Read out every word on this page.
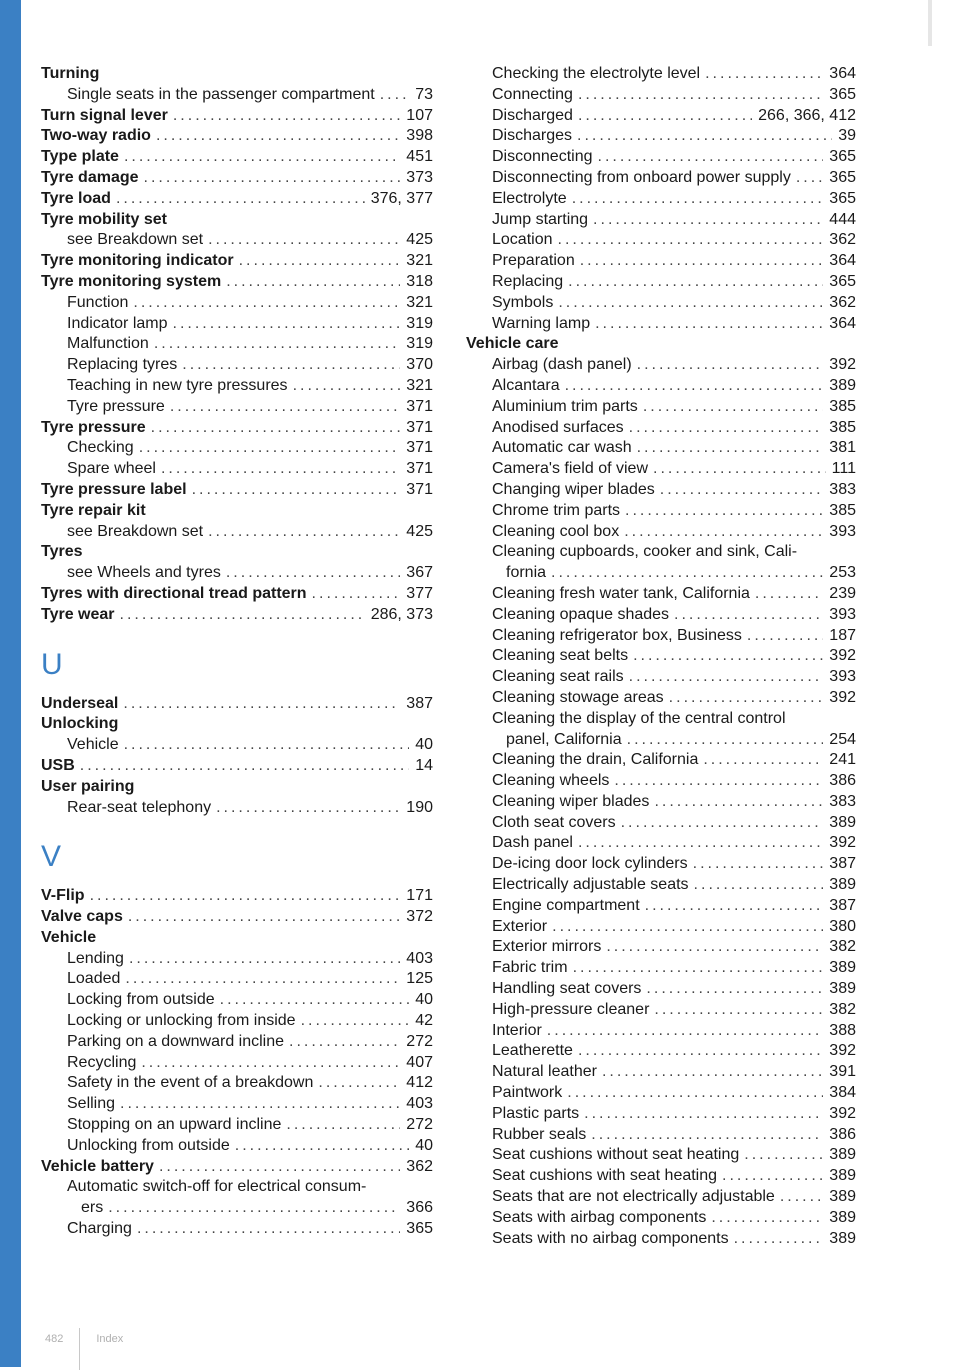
Turning
Single seats in the passenger compartment .....	73
Turn signal lever .....	107
Two-way radio .....	398
Type plate .....	451
Tyre damage .....	373
Tyre load .....	376, 377
Tyre mobility set
see Breakdown set .....	425
Tyre monitoring indicator .....	321
Tyre monitoring system .....	318
Function .....	321
Indicator lamp .....	319
Malfunction .....	319
Replacing tyres .....	370
Teaching in new tyre pressures .....	321
Tyre pressure .....	371
Tyre pressure .....	371
Checking .....	371
Spare wheel .....	371
Tyre pressure label .....	371
Tyre repair kit
see Breakdown set .....	425
Tyres
see Wheels and tyres .....	367
Tyres with directional tread pattern .....	377
Tyre wear .....	286, 373
U
Underseal .....	387
Unlocking
Vehicle .....	40
USB .....	14
User pairing
Rear-seat telephony .....	190
V
V-Flip .....	171
Valve caps .....	372
Vehicle
Lending .....	403
Loaded .....	125
Locking from outside .....	40
Locking or unlocking from inside .....	42
Parking on a downward incline .....	272
Recycling .....	407
Safety in the event of a breakdown .....	412
Selling .....	403
Stopping on an upward incline .....	272
Unlocking from outside .....	40
Vehicle battery .....	362
Automatic switch-off for electrical consum-
ers .....	366
Charging .....	365
Checking the electrolyte level .....	364
Connecting .....	365
Discharged .....	266, 366, 412
Discharges .....	39
Disconnecting .....	365
Disconnecting from onboard power supply ..... 365
Electrolyte .....	365
Jump starting .....	444
Location .....	362
Preparation .....	364
Replacing .....	365
Symbols .....	362
Warning lamp .....	364
Vehicle care
Airbag (dash panel) .....	392
Alcantara .....	389
Aluminium trim parts .....	385
Anodised surfaces .....	385
Automatic car wash .....	381
Camera's field of view .....	111
Changing wiper blades .....	383
Chrome trim parts .....	385
Cleaning cool box .....	393
Cleaning cupboards, cooker and sink, Cali-
fornia .....	253
Cleaning fresh water tank, California .....	239
Cleaning opaque shades .....	393
Cleaning refrigerator box, Business .....	187
Cleaning seat belts .....	392
Cleaning seat rails .....	393
Cleaning stowage areas .....	392
Cleaning the display of the central control
panel, California .....	254
Cleaning the drain, California .....	241
Cleaning wheels .....	386
Cleaning wiper blades .....	383
Cloth seat covers .....	389
Dash panel .....	392
De-icing door lock cylinders .....	387
Electrically adjustable seats .....	389
Engine compartment .....	387
Exterior .....	380
Exterior mirrors .....	382
Fabric trim .....	389
Handling seat covers .....	389
High-pressure cleaner .....	382
Interior .....	388
Leatherette .....	392
Natural leather .....	391
Paintwork .....	384
Plastic parts .....	392
Rubber seals .....	386
Seat cushions without seat heating .....	389
Seat cushions with seat heating .....	389
Seats that are not electrically adjustable .....	389
Seats with airbag components .....	389
Seats with no airbag components .....	389
482	Index
